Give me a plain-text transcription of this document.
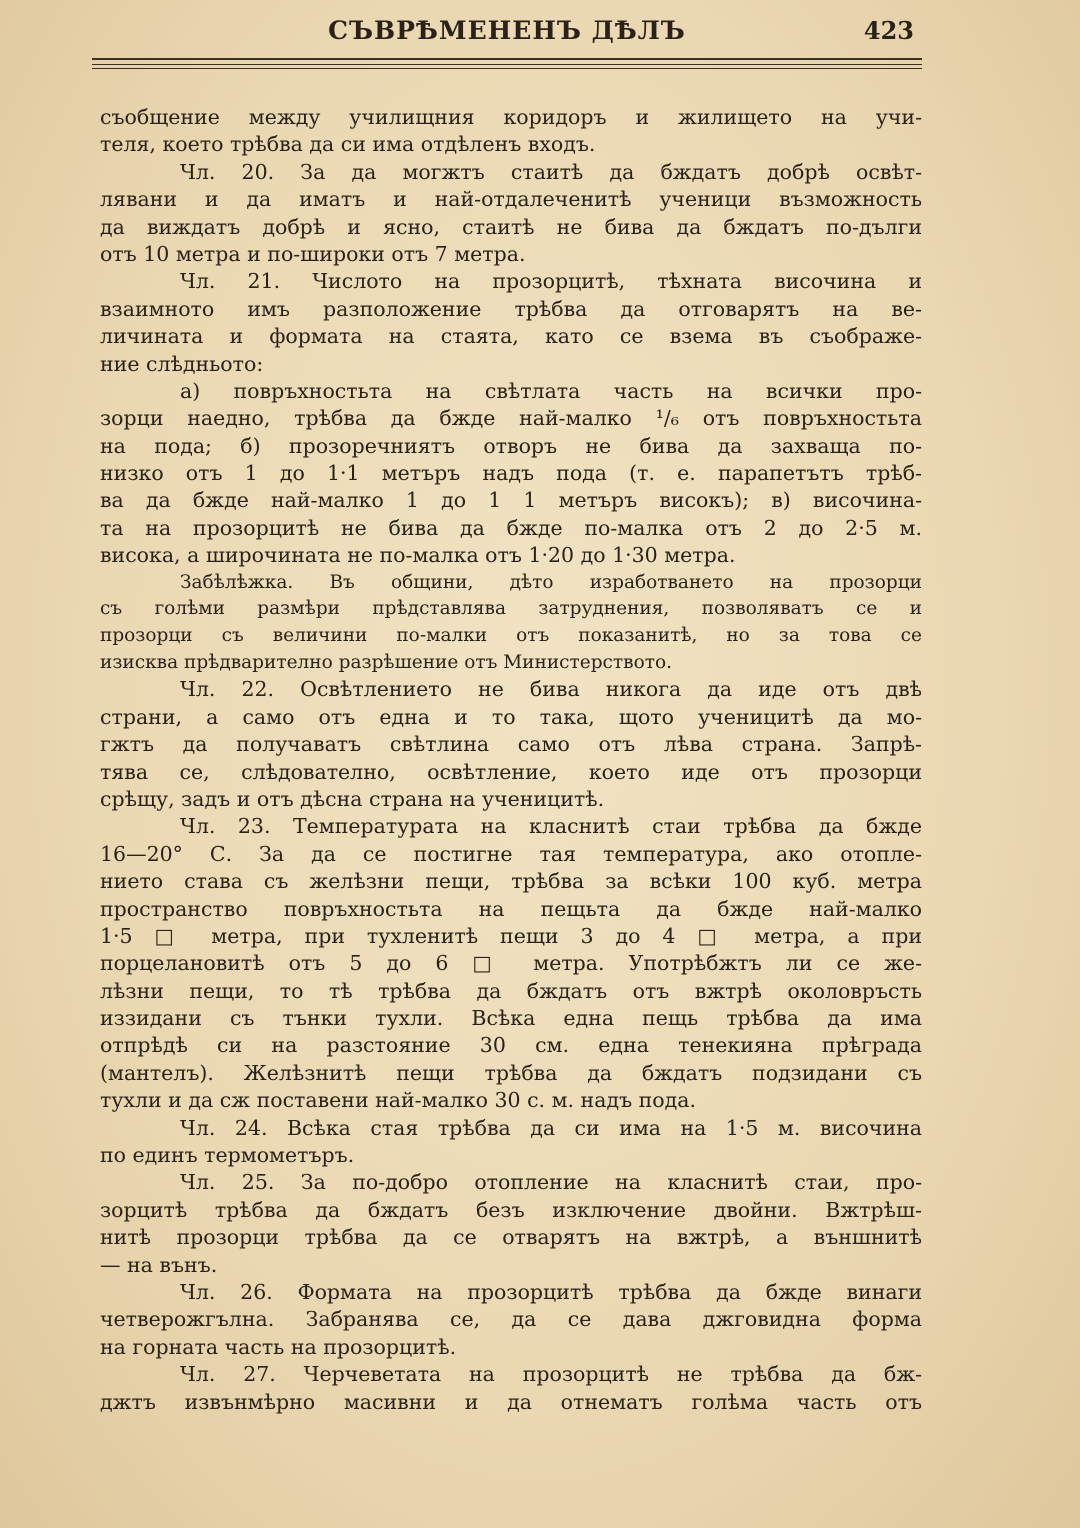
СЪВРѢМЕНЕНЪ ДѢЛЪ	423
съобщение между училищния коридоръ и жилището на учи-
теля, което трѣбва да си има отдѣленъ входъ.
Чл. 20. За да могжтъ стаитѣ да бждатъ добрѣ освѣт-
лявани и да иматъ и най-отдалеченитѣ ученици възможность
да виждатъ добрѣ и ясно, стаитѣ не бива да бждатъ по-дълги
отъ 10 метра и по-широки отъ 7 метра.
Чл. 21. Числото на прозорцитѣ, тѣхната височина и
взаимното имъ разположение трѣбва да отговарятъ на ве-
личината и формата на стаята, като се взема въ съображе-
ние слѣдньото:
а) повръхностьта на свѣтлата часть на всички про-
зорци наедно, трѣбва да бжде най-малко ¹/₆ отъ повръхностьта
на пода; б) прозоречниятъ отворъ не бива да захваща по-
низко отъ 1 до 1·1 метъръ надъ пода (т. е. парапетътъ трѣб-
ва да бжде най-малко 1 до 1 1 метъръ високъ); в) височина-
та на прозорцитѣ не бива да бжде по-малка отъ 2 до 2·5 м.
висока, а широчината не по-малка отъ 1·20 до 1·30 метра.
Забѣлѣжка. Въ общини, дѣто изработването на прозорци
съ голѣми размѣри прѣдставлява затруднения, позволяватъ се и
прозорци съ величини по-малки отъ показанитѣ, но за това се
изисква прѣдварително разрѣшение отъ Министерството.
Чл. 22. Освѣтлението не бива никога да иде отъ двѣ
страни, а само отъ една и то така, щото ученицитѣ да мо-
гжтъ да получаватъ свѣтлина само отъ лѣва страна. Запрѣ-
тява се, слѣдователно, освѣтление, което иде отъ прозорци
срѣщу, задъ и отъ дѣсна страна на ученицитѣ.
Чл. 23. Температурата на класнитѣ стаи трѣбва да бжде
16—20° С. За да се постигне тая температура, ако отопле-
нието става съ желѣзни пещи, трѣбва за всѣки 100 куб. метра
пространство повръхностьта на пещьта да бжде най-малко
1·5 □ метра, при тухленитѣ пещи 3 до 4 □ метра, а при
порцелановитѣ отъ 5 до 6 □ метра. Употрѣбжтъ ли се же-
лѣзни пещи, то тѣ трѣбва да бждатъ отъ вжтрѣ околовръсть
иззидани съ тънки тухли. Всѣка една пещь трѣбва да има
отпрѣдѣ си на разстояние 30 см. една тенекияна прѣграда
(мантелъ). Желѣзнитѣ пещи трѣбва да бждатъ подзидани съ
тухли и да сж поставени най-малко 30 с. м. надъ пода.
Чл. 24. Всѣка стая трѣбва да си има на 1·5 м. височина
по единъ термометъръ.
Чл. 25. За по-добро отопление на класнитѣ стаи, про-
зорцитѣ трѣбва да бждатъ безъ изключение двойни. Вжтрѣш-
нитѣ прозорци трѣбва да се отварятъ на вжтрѣ, а външнитѣ
— на вънъ.
Чл. 26. Формата на прозорцитѣ трѣбва да бжде винаги
четверожгълна. Забранява се, да се дава джговидна форма
на горната часть на прозорцитѣ.
Чл. 27. Черчеветата на прозорцитѣ не трѣбва да бж-
джтъ извънмѣрно масивни и да отнематъ голѣма часть отъ
